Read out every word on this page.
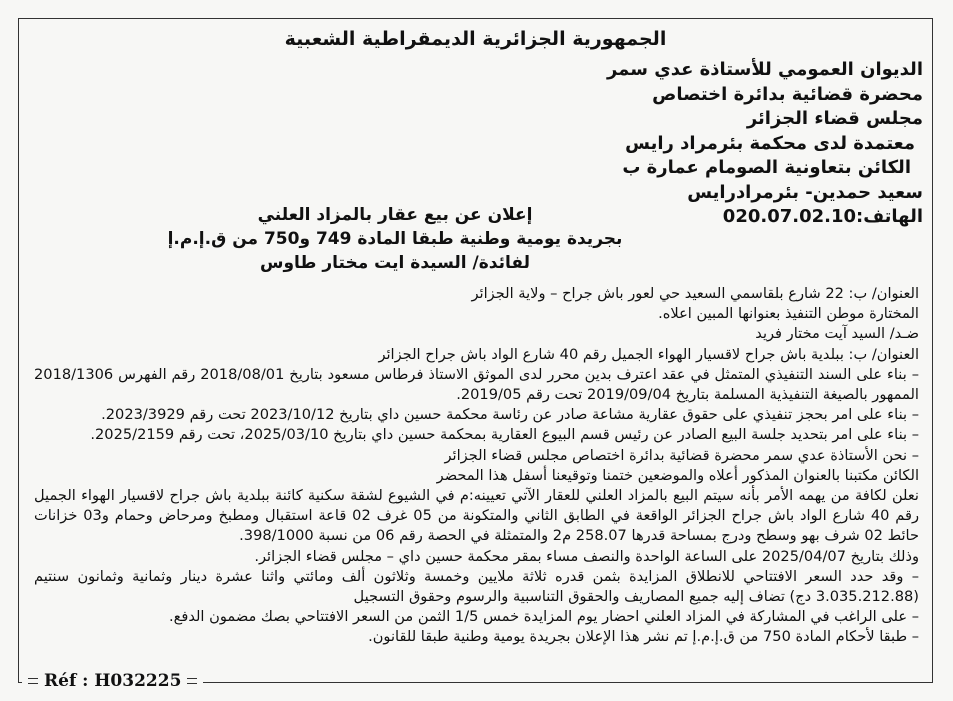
الجمهورية الجزائرية الديمقراطية الشعبية
الديوان العمومي للأستاذة عدي سمر
محضرة قضائية بدائرة اختصاص
مجلس قضاء الجزائر
معتمدة لدى محكمة بئرمراد رايس
الكائن بتعاونية الصومام عمارة ب
سعيد حمدين- بئرمرادرايس
الهاتف:020.07.02.10
إعلان عن بيع عقار بالمزاد العلني
بجريدة يومية وطنية طبقا المادة 749 و750 من ق.إ.م.إ
لفائدة/ السيدة ايت مختار طاوس

العنوان/ ب: 22 شارع بلقاسمي السعيد حي لعور باش جراح – ولاية الجزائر

المختارة موطن التنفيذ بعنوانها المبين اعلاه.

ضـد/ السيد آيت مختار فريد

العنوان/ ب: ببلدية باش جراح لاقسيار الهواء الجميل رقم 40 شارع الواد باش جراح الجزائر

– بناء على السند التنفيذي المتمثل في عقد اعترف بدين محرر لدى الموثق الاستاذ فرطاس مسعود بتاريخ 2018/08/01 رقم الفهرس 2018/1306 الممهور بالصيغة التنفيذية المسلمة بتاريخ 2019/09/04 تحت رقم 2019/05.

– بناء على امر بحجز تنفيذي على حقوق عقارية مشاعة صادر عن رئاسة محكمة حسين داي بتاريخ 2023/10/12 تحت رقم 2023/3929.

– بناء على امر بتحديد جلسة البيع الصادر عن رئيس قسم البيوع العقارية بمحكمة حسين داي بتاريخ 2025/03/10، تحت رقم 2025/2159.

– نحن الأستاذة عدي سمر محضرة قضائية بدائرة اختصاص مجلس قضاء الجزائر

الكائن مكتبنا بالعنوان المذكور أعلاه والموضعين ختمنا وتوقيعنا أسفل هذا المحضر

نعلن لكافة من يهمه الأمر بأنه سيتم البيع بالمزاد العلني للعقار الآتي تعيينه:م في الشيوع لشقة سكنية كائنة ببلدية باش جراح لاقسيار الهواء الجميل رقم 40 شارع الواد باش جراح الجزائر الواقعة في الطابق الثاني والمتكونة من 05 غرف 02 قاعة استقبال ومطبخ ومرحاض وحمام و03 خزانات حائط 02 شرف بهو وسطح ودرج بمساحة قدرها 258.07 م2 والمتمثلة في الحصة رقم 06 من نسبة 398/1000.

وذلك بتاريخ 2025/04/07 على الساعة الواحدة والنصف مساء بمقر محكمة حسين داي – مجلس قضاء الجزائر.

– وقد حدد السعر الافتتاحي للانطلاق المزايدة بثمن قدره ثلاثة ملايين وخمسة وثلاثون ألف ومائتي واثنا عشرة دينار وثمانية وثمانون سنتيم (3.035.212.88 دج) تضاف إليه جميع المصاريف والحقوق التناسبية والرسوم وحقوق التسجيل

– على الراغب في المشاركة في المزاد العلني احضار يوم المزايدة خمس 1/5 الثمن من السعر الافتتاحي بصك مضمون الدفع.

– طبقا لأحكام المادة 750 من ق.إ.م.إ تم نشر هذا الإعلان بجريدة يومية وطنية طبقا للقانون.

Réf : H032225
